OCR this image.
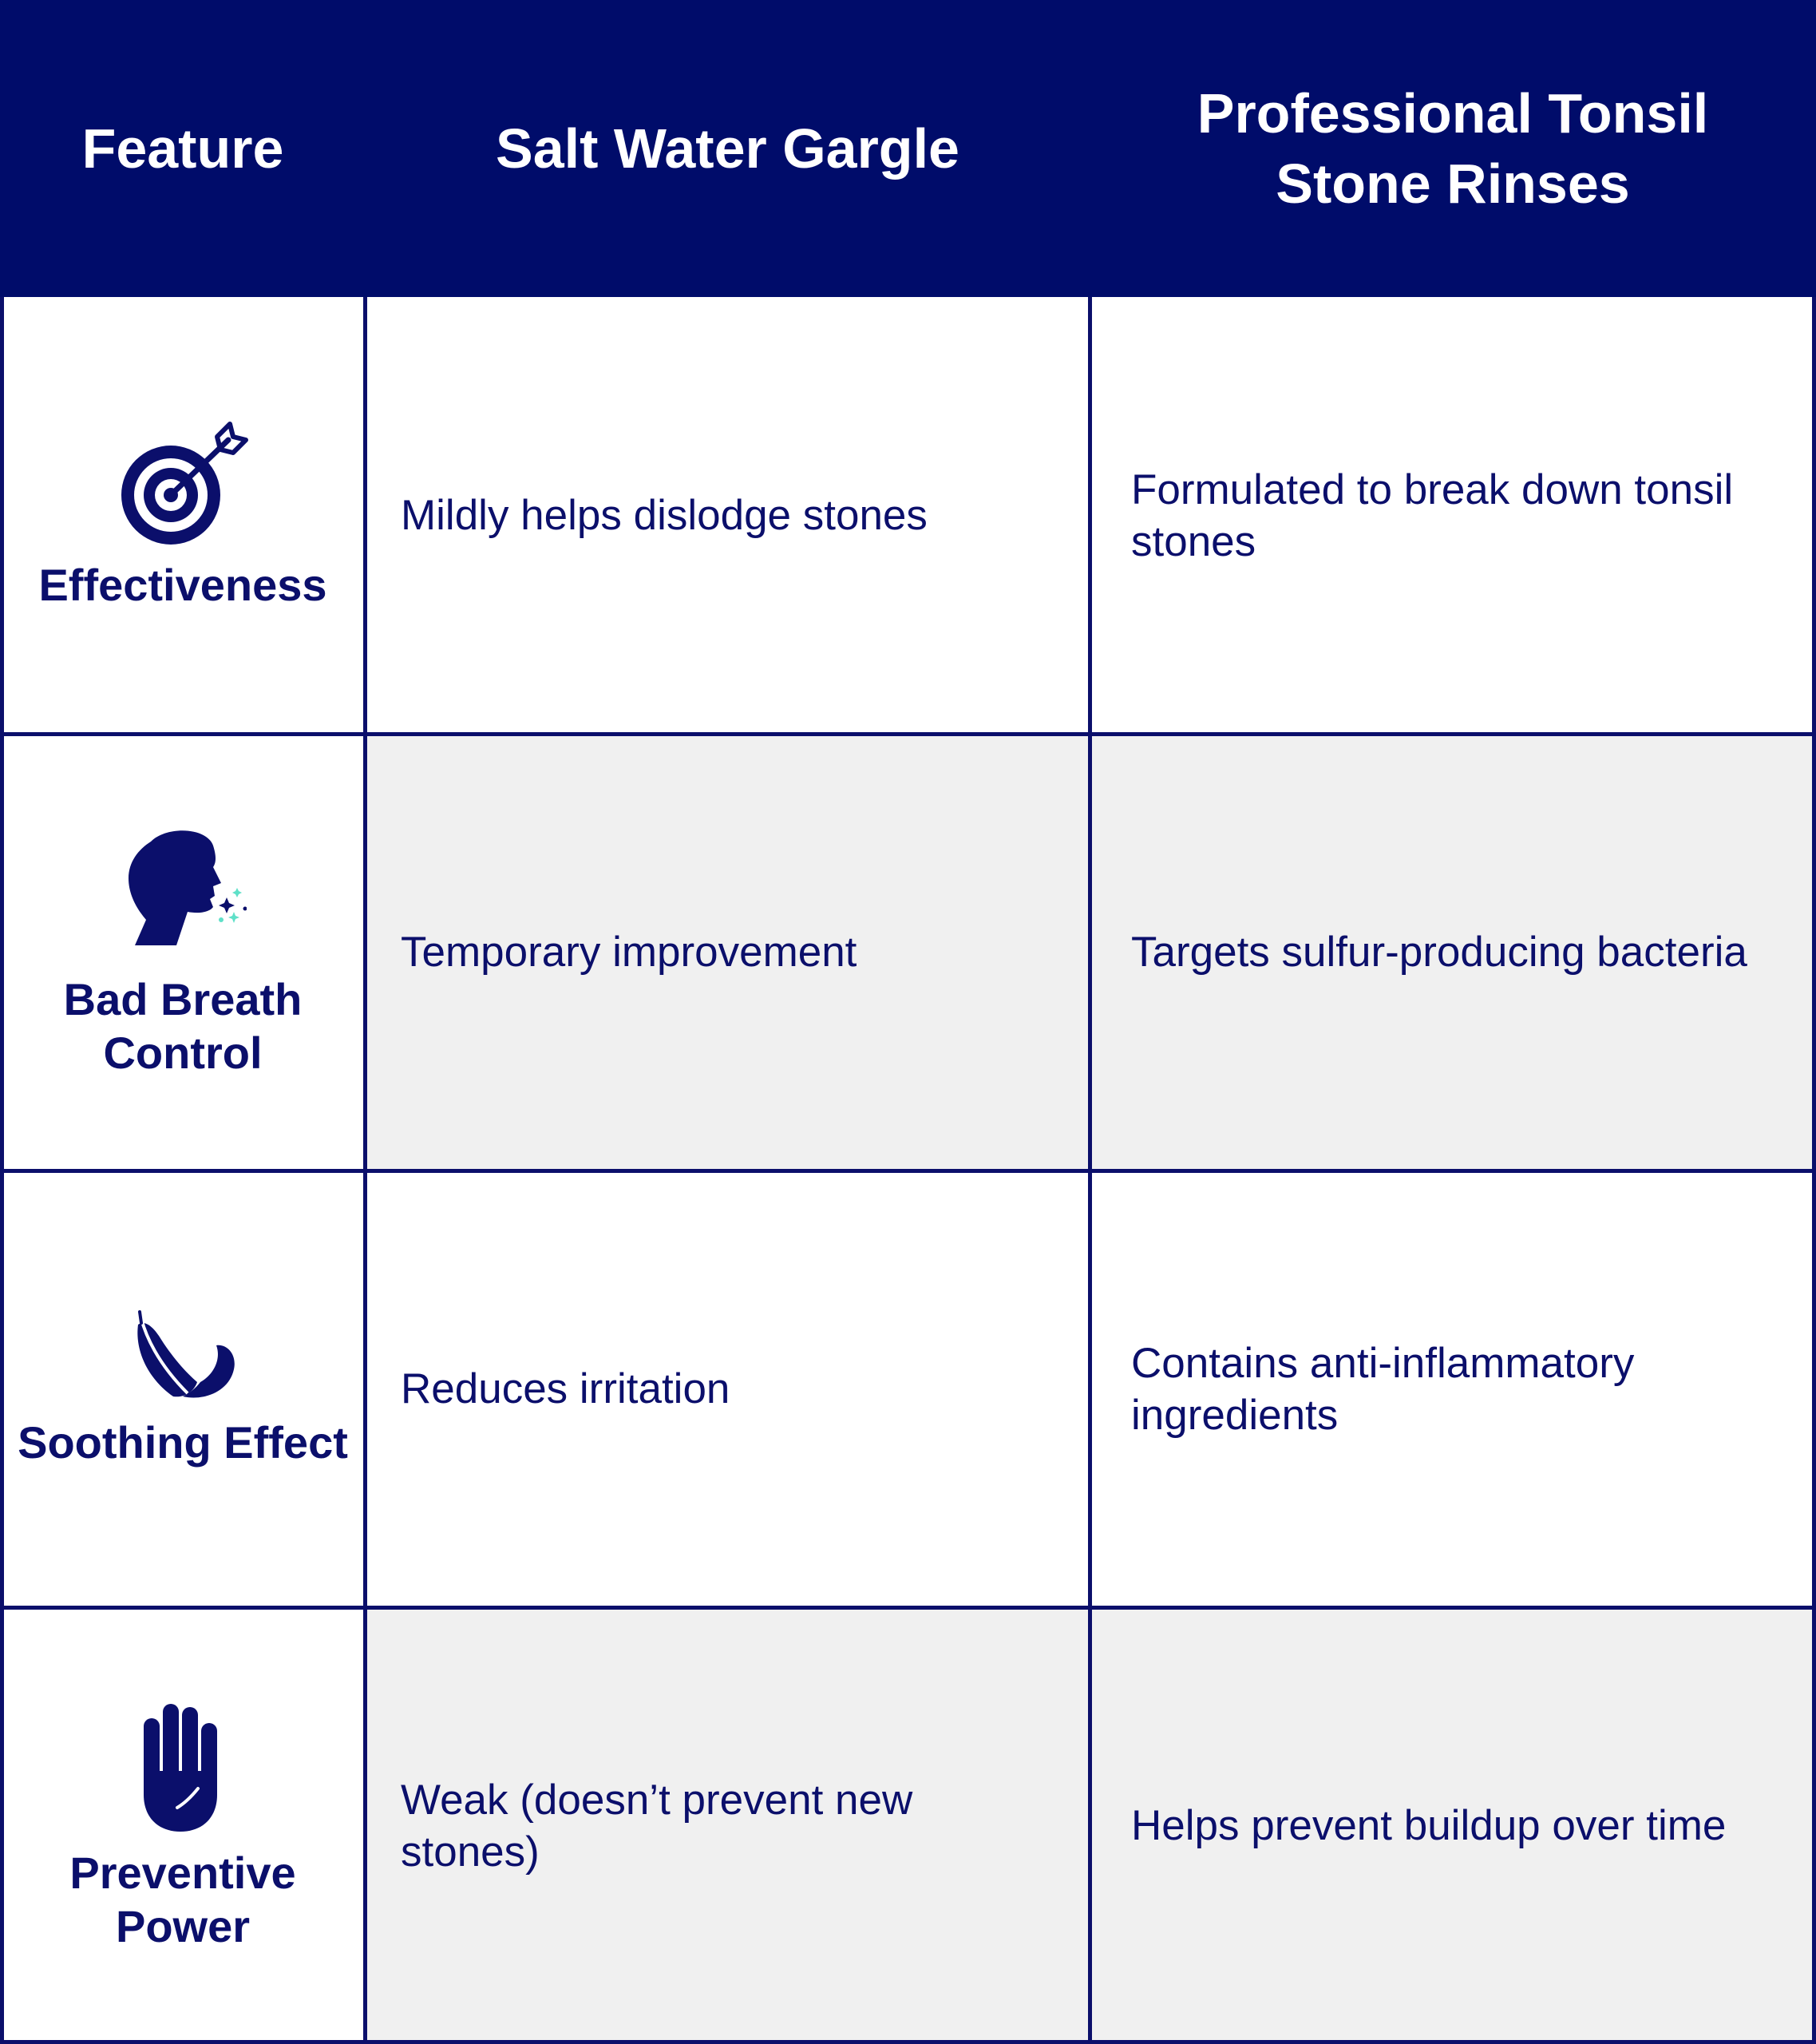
Feature	Salt Water Gargle
Professional Tonsil Stone Rinses
Effectiveness
Mildly helps dislodge stones
Formulated to break down tonsil stones
Bad Breath Control
Temporary improvement	Targets sulfur-producing bacteria
Soothing Effect
Reduces irritation
Contains anti-inflammatory ingredients
Preventive Power
Weak (doesn’t prevent new stones)
Helps prevent buildup over time
